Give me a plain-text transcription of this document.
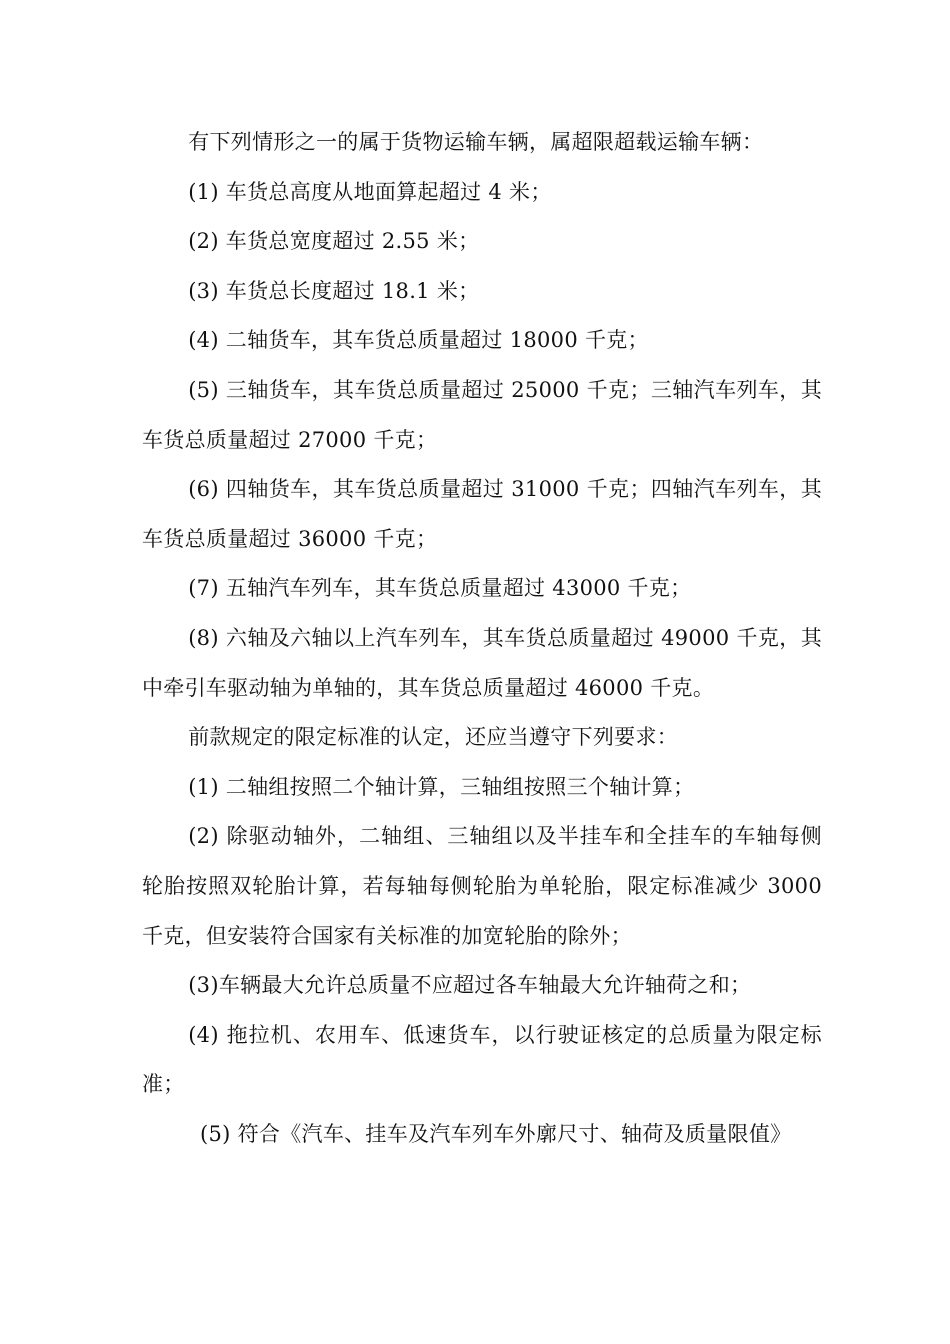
有下列情形之一的属于货物运输车辆，属超限超载运输车辆：

(1) 车货总高度从地面算起超过 4 米；

(2) 车货总宽度超过 2.55 米；

(3) 车货总长度超过 18.1 米；

(4) 二轴货车，其车货总质量超过 18000 千克；

(5) 三轴货车，其车货总质量超过 25000 千克；三轴汽车列车，其车货总质量超过 27000 千克；

(6) 四轴货车，其车货总质量超过 31000 千克；四轴汽车列车，其车货总质量超过 36000 千克；

(7) 五轴汽车列车，其车货总质量超过 43000 千克；

(8) 六轴及六轴以上汽车列车，其车货总质量超过 49000 千克，其中牵引车驱动轴为单轴的，其车货总质量超过 46000 千克。

前款规定的限定标准的认定，还应当遵守下列要求：

(1) 二轴组按照二个轴计算，三轴组按照三个轴计算；

(2) 除驱动轴外，二轴组、三轴组以及半挂车和全挂车的车轴每侧轮胎按照双轮胎计算，若每轴每侧轮胎为单轮胎，限定标准减少 3000 千克，但安装符合国家有关标准的加宽轮胎的除外；

(3)车辆最大允许总质量不应超过各车轴最大允许轴荷之和；

(4) 拖拉机、农用车、低速货车，以行驶证核定的总质量为限定标准；

(5) 符合《汽车、挂车及汽车列车外廓尺寸、轴荷及质量限值》
